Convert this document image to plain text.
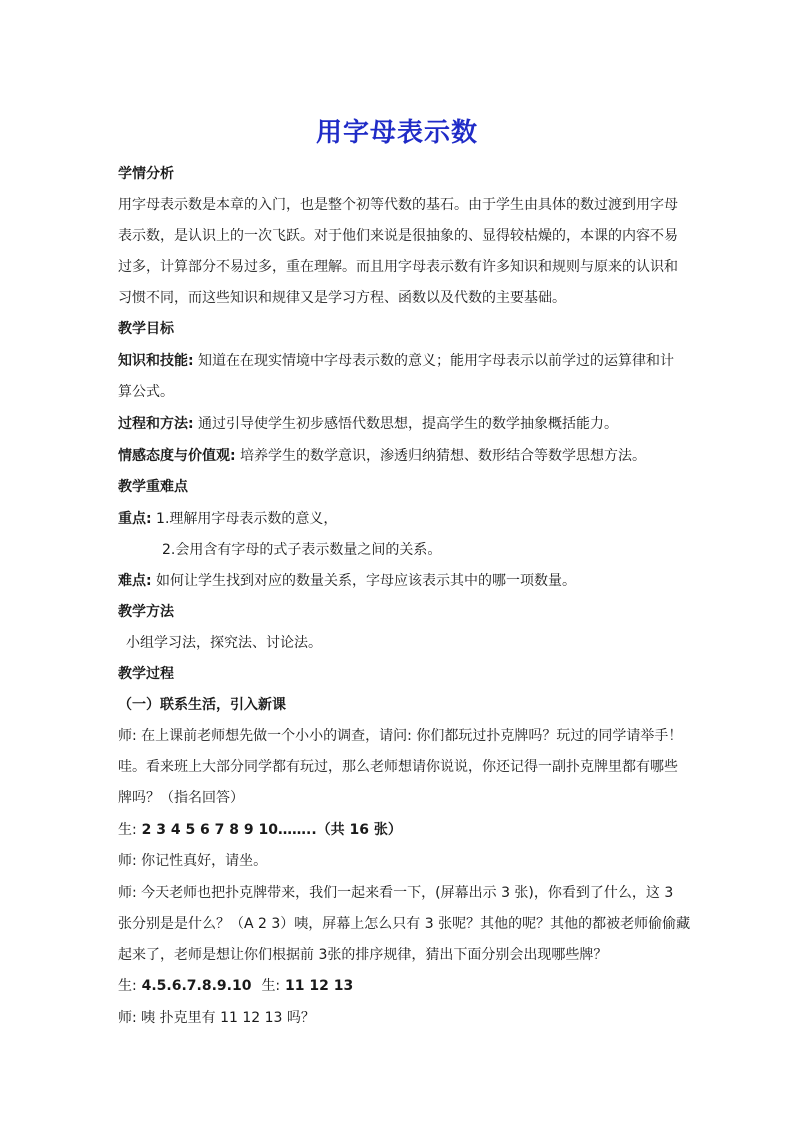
用字母表示数

学情分析

用字母表示数是本章的入门，也是整个初等代数的基石。由于学生由具体的数过渡到用字母

表示数，是认识上的一次飞跃。对于他们来说是很抽象的、显得较枯燥的，本课的内容不易

过多，计算部分不易过多，重在理解。而且用字母表示数有许多知识和规则与原来的认识和

习惯不同，而这些知识和规律又是学习方程、函数以及代数的主要基础。

教学目标

知识和技能: 知道在在现实情境中字母表示数的意义；能用字母表示以前学过的运算律和计

算公式。

过程和方法: 通过引导使学生初步感悟代数思想，提高学生的数学抽象概括能力。

情感态度与价值观: 培养学生的数学意识，渗透归纳猜想、数形结合等数学思想方法。

教学重难点

重点: 1.理解用字母表示数的意义，

2.会用含有字母的式子表示数量之间的关系。

难点: 如何让学生找到对应的数量关系，字母应该表示其中的哪一项数量。

教学方法

小组学习法，探究法、讨论法。

教学过程

（一）联系生活，引入新课

师: 在上课前老师想先做一个小小的调查，请问: 你们都玩过扑克牌吗？玩过的同学请举手！

哇。看来班上大部分同学都有玩过，那么老师想请你说说，你还记得一副扑克牌里都有哪些

牌吗？（指名回答）

生: 2 3 4 5 6 7 8 9 10……..（共 16 张）

师: 你记性真好，请坐。

师: 今天老师也把扑克牌带来，我们一起来看一下，(屏幕出示 3 张)，你看到了什么，这 3

张分别是是什么？（A 2 3）咦，屏幕上怎么只有 3 张呢？其他的呢？其他的都被老师偷偷藏

起来了，老师是想让你们根据前 3张的排序规律，猜出下面分别会出现哪些牌？

生: 4.5.6.7.8.9.10 生: 11 12 13

师: 咦 扑克里有 11 12 13 吗？
